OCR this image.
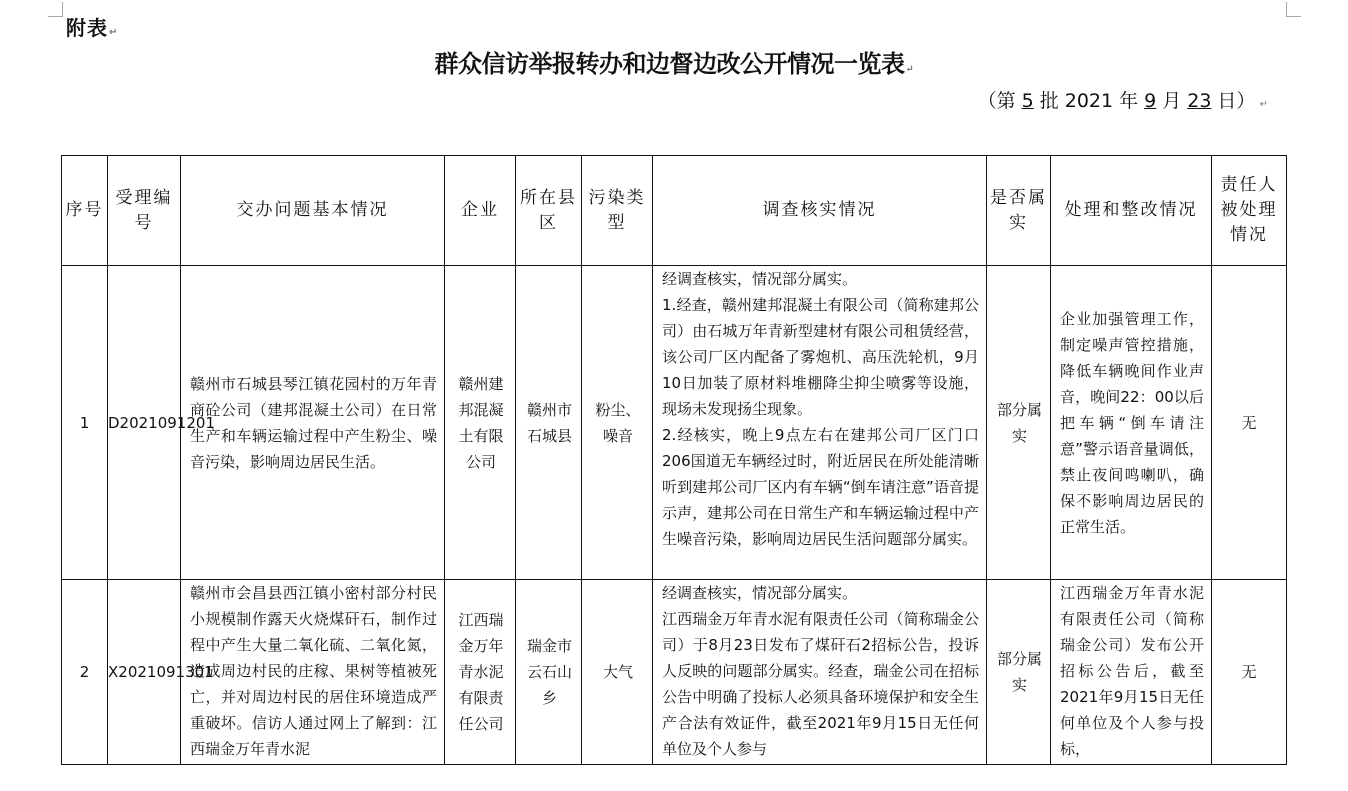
附表↵
群众信访举报转办和边督边改公开情况一览表↵
（第 5 批 2021 年 9 月 23 日） ↵
序号	受理编号	交办问题基本情况	企业	所在县区	污染类型	调查核实情况	是否属实	处理和整改情况	责任人被处理情况
1	D2021091201	赣州市石城县琴江镇花园村的万年青商砼公司（建邦混凝土公司）在日常生产和车辆运输过程中产生粉尘、噪音污染，影响周边居民生活。	赣州建邦混凝土有限公司	赣州市石城县	粉尘、噪音	经调查核实，情况部分属实。
1.经查，赣州建邦混凝土有限公司（简称建邦公司）由石城万年青新型建材有限公司租赁经营，该公司厂区内配备了雾炮机、高压洗轮机，9月10日加装了原材料堆棚降尘抑尘喷雾等设施，现场未发现扬尘现象。
2.经核实，晚上9点左右在建邦公司厂区门口206国道无车辆经过时，附近居民在所处能清晰听到建邦公司厂区内有车辆“倒车请注意”语音提示声，建邦公司在日常生产和车辆运输过程中产生噪音污染，影响周边居民生活问题部分属实。	部分属实	企业加强管理工作，制定噪声管控措施，降低车辆晚间作业声音，晚间22：00以后把车辆“倒车请注意”警示语音量调低，禁止夜间鸣喇叭，确保不影响周边居民的正常生活。	无
2	X2021091301	赣州市会昌县西江镇小密村部分村民小规模制作露天火烧煤矸石，制作过程中产生大量二氧化硫、二氧化氮，造成周边村民的庄稼、果树等植被死亡，并对周边村民的居住环境造成严重破坏。信访人通过网上了解到：江西瑞金万年青水泥	江西瑞金万年青水泥有限责任公司	瑞金市云石山乡	大气	经调查核实，情况部分属实。
江西瑞金万年青水泥有限责任公司（简称瑞金公司）于8月23日发布了煤矸石2招标公告，投诉人反映的问题部分属实。经查，瑞金公司在招标公告中明确了投标人必须具备环境保护和安全生产合法有效证件，截至2021年9月15日无任何单位及个人参与	部分属实	江西瑞金万年青水泥有限责任公司（简称瑞金公司）发布公开招标公告后，截至2021年9月15日无任何单位及个人参与投标，	无
